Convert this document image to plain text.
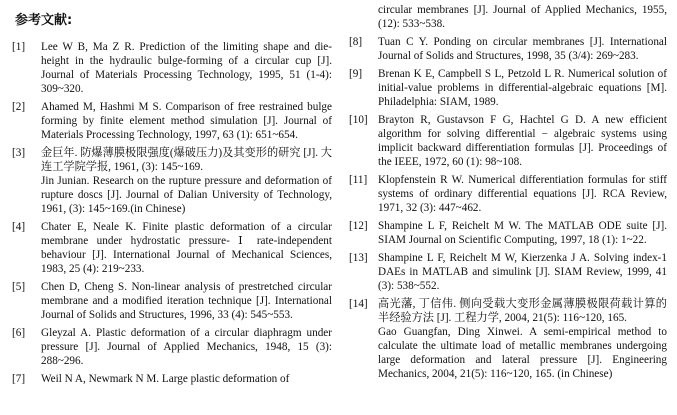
参考文献:
[1] Lee W B, Ma Z R. Prediction of the limiting shape and die-height in the hydraulic bulge-forming of a circular cup [J]. Journal of Materials Processing Technology, 1995, 51 (1-4): 309~320.
[2] Ahamed M, Hashmi M S. Comparison of free restrained bulge forming by finite element method simulation [J]. Journal of Materials Processing Technology, 1997, 63 (1): 651~654.
[3] 金巨年. 防爆薄膜极限强度(爆破压力)及其变形的研究 [J]. 大连工学院学报, 1961, (3): 145~169.
Jin Junian. Research on the rupture pressure and deformation of rupture doscs [J]. Journal of Dalian University of Technology, 1961, (3): 145~169.(in Chinese)
[4] Chater E, Neale K. Finite plastic deformation of a circular membrane under hydrostatic pressure- Ⅰ rate-independent behaviour [J]. International Journal of Mechanical Sciences, 1983, 25 (4): 219~233.
[5] Chen D, Cheng S. Non-linear analysis of prestretched circular membrane and a modified iteration technique [J]. International Journal of Solids and Structures, 1996, 33 (4): 545~553.
[6] Gleyzal A. Plastic deformation of a circular diaphragm under pressure [J]. Journal of Applied Mechanics, 1948, 15 (3): 288~296.
[7] Weil N A, Newmark N M. Large plastic deformation of
circular membranes [J]. Journal of Applied Mechanics, 1955, (12): 533~538.
[8] Tuan C Y. Ponding on circular membranes [J]. International Journal of Solids and Structures, 1998, 35 (3/4): 269~283.
[9] Brenan K E, Campbell S L, Petzold L R. Numerical solution of initial-value problems in differential-algebraic equations [M]. Philadelphia: SIAM, 1989.
[10] Brayton R, Gustavson F G, Hachtel G D. A new efficient algorithm for solving differential − algebraic systems using implicit backward differentiation formulas [J]. Proceedings of the IEEE, 1972, 60 (1): 98~108.
[11] Klopfenstein R W. Numerical differentiation formulas for stiff systems of ordinary differential equations [J]. RCA Review, 1971, 32 (3): 447~462.
[12] Shampine L F, Reichelt M W. The MATLAB ODE suite [J]. SIAM Journal on Scientific Computing, 1997, 18 (1): 1~22.
[13] Shampine L F, Reichelt M W, Kierzenka J A. Solving index-1 DAEs in MATLAB and simulink [J]. SIAM Review, 1999, 41 (3): 538~552.
[14] 高光藩, 丁信伟. 侧向受载大变形金属薄膜极限荷载计算的半经验方法 [J]. 工程力学, 2004, 21(5): 116~120, 165.
Gao Guangfan, Ding Xinwei. A semi-empirical method to calculate the ultimate load of metallic membranes undergoing large deformation and lateral pressure [J]. Engineering Mechanics, 2004, 21(5): 116~120, 165. (in Chinese)
